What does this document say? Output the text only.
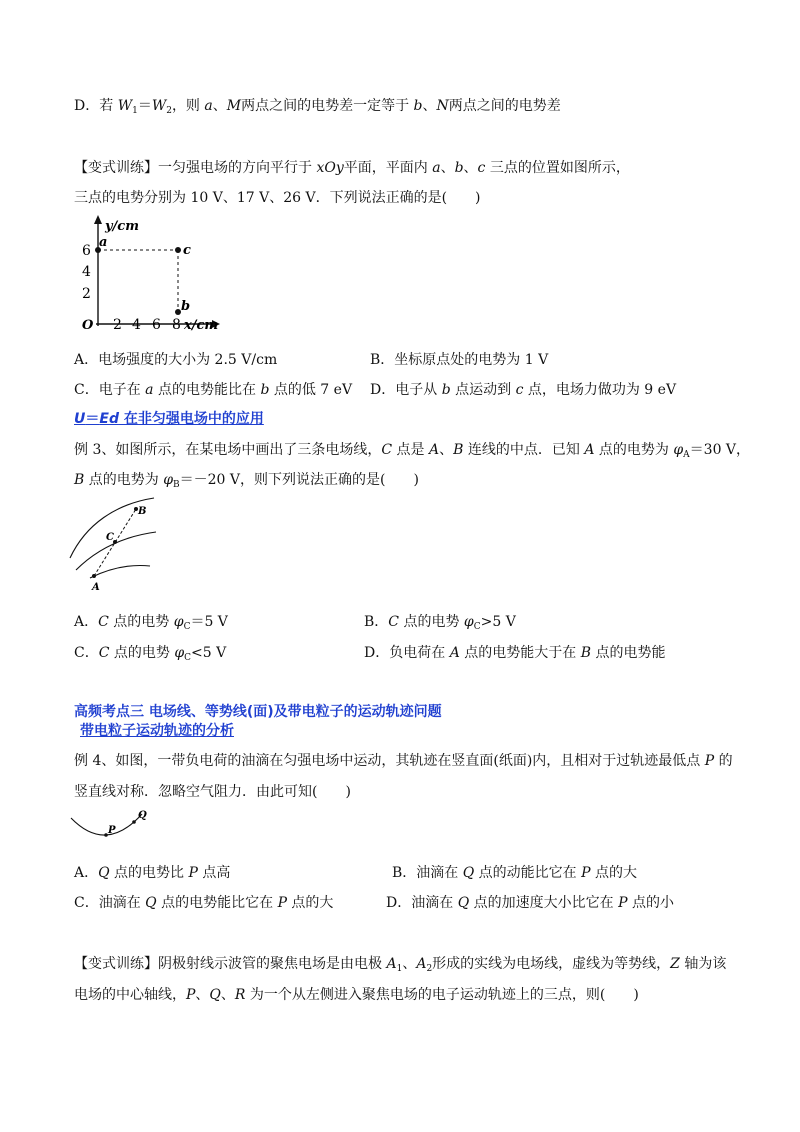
D．若 $W_1=W_2$，则 a、M两点之间的电势差一定等于 b、N两点之间的电势差
【变式训练】一匀强电场的方向平行于 xOy平面，平面内 a、b、c 三点的位置如图所示，
三点的电势分别为 10 V、17 V、26 V．下列说法正确的是(　　)
y/cm
x/cm
O
6
4
2
2 4 6 8
a
c
b
A．电场强度的大小为 2.5 V/cm	B．坐标原点处的电势为 1 V
C．电子在 a 点的电势能比在 b 点的低 7 eV D．电子从 b 点运动到 c 点，电场力做功为 9 eV
U＝Ed 在非匀强电场中的应用
例 3、如图所示，在某电场中画出了三条电场线，C 点是 A、B 连线的中点．已知 A 点的电势为 $\varphi_A=30$ V，
B 点的电势为 $\varphi_B=-20$ V，则下列说法正确的是(　　)
B
C
A
A．C 点的电势 $\varphi_C=5$ V	B．C 点的电势 $\varphi_C>5$ V
C．C 点的电势 $\varphi_C<5$ V	D．负电荷在 A 点的电势能大于在 B 点的电势能
高频考点三 电场线、等势线(面)及带电粒子的运动轨迹问题
带电粒子运动轨迹的分析
例 4、如图，一带负电荷的油滴在匀强电场中运动，其轨迹在竖直面(纸面)内，且相对于过轨迹最低点 P 的
竖直线对称．忽略空气阻力．由此可知(　　)
P
Q
A．Q 点的电势比 P 点高	B．油滴在 Q 点的动能比它在 P 点的大
C．油滴在 Q 点的电势能比它在 P 点的大	D．油滴在 Q 点的加速度大小比它在 P 点的小
【变式训练】阴极射线示波管的聚焦电场是由电极 $A_1$、$A_2$形成的实线为电场线，虚线为等势线，Z 轴为该
电场的中心轴线，P、Q、R 为一个从左侧进入聚焦电场的电子运动轨迹上的三点，则(　　)
